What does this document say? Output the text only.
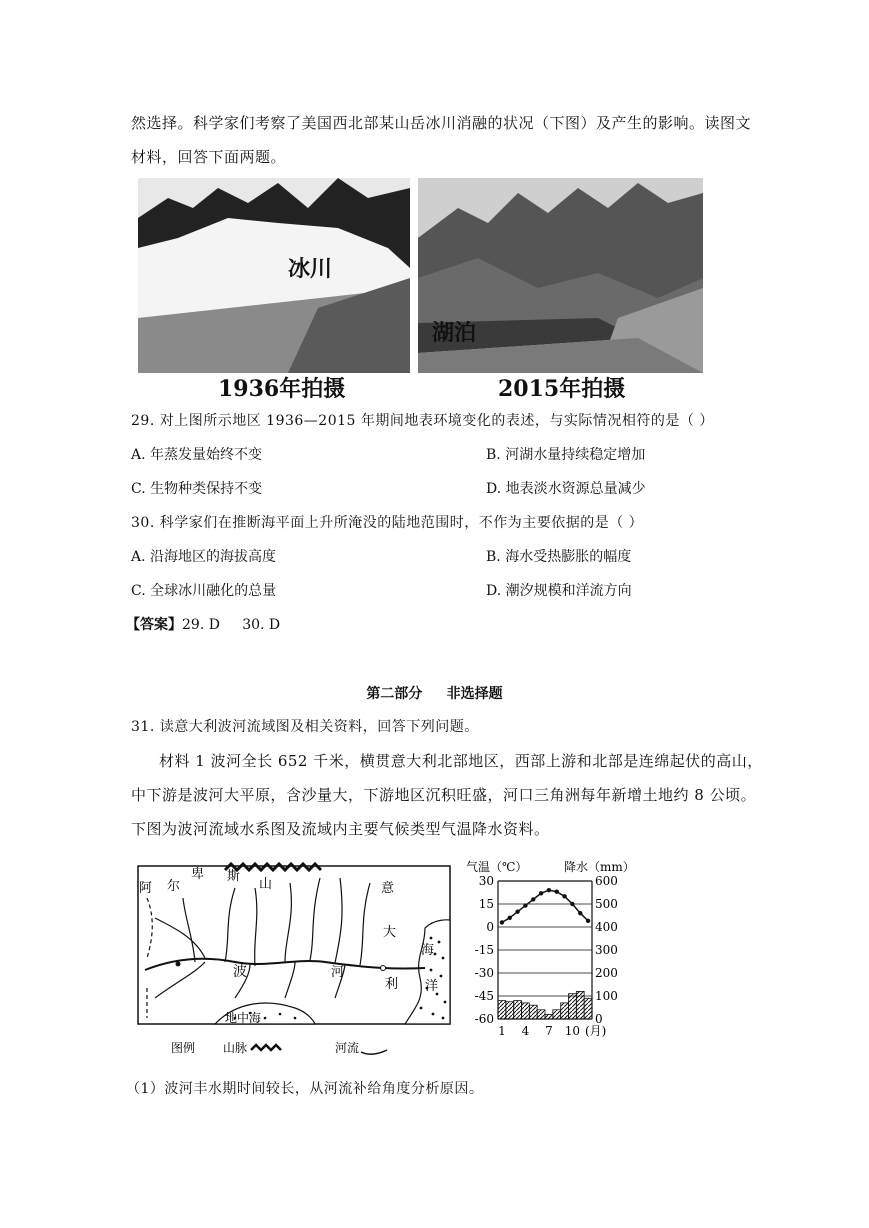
然选择。科学家们考察了美国西北部某山岳冰川消融的状况（下图）及产生的影响。读图文
材料，回答下面两题。
冰川
湖泊
1936年拍摄	2015年拍摄
29. 对上图所示地区 1936—2015 年期间地表环境变化的表述，与实际情况相符的是（ ）
A. 年蒸发量始终不变	B. 河湖水量持续稳定增加
C. 生物种类保持不变	D. 地表淡水资源总量减少
30. 科学家们在推断海平面上升所淹没的陆地范围时，不作为主要依据的是（ ）
A. 沿海地区的海拔高度	B. 海水受热膨胀的幅度
C. 全球冰川融化的总量	D. 潮汐规模和洋流方向
【答案】29. D     30. D
第二部分     非选择题
31. 读意大利波河流域图及相关资料，回答下列问题。
材料 1 波河全长 652 千米，横贯意大利北部地区，西部上游和北部是连绵起伏的高山，
中下游是波河大平原，含沙量大，下游地区沉积旺盛，河口三角洲每年新增土地约 8 公顷。
下图为波河流域水系图及流域内主要气候类型气温降水资料。
阿 尔
卑 斯
山	意
大
利
波	河
海
洋
地中海
图例 山脉	河流
气温（℃）	降水（mm）
30	600
15	500
0	400
-15	300
-30	200
-45	100
-60	0
1 4 7 10 (月)
（1）波河丰水期时间较长，从河流补给角度分析原因。
